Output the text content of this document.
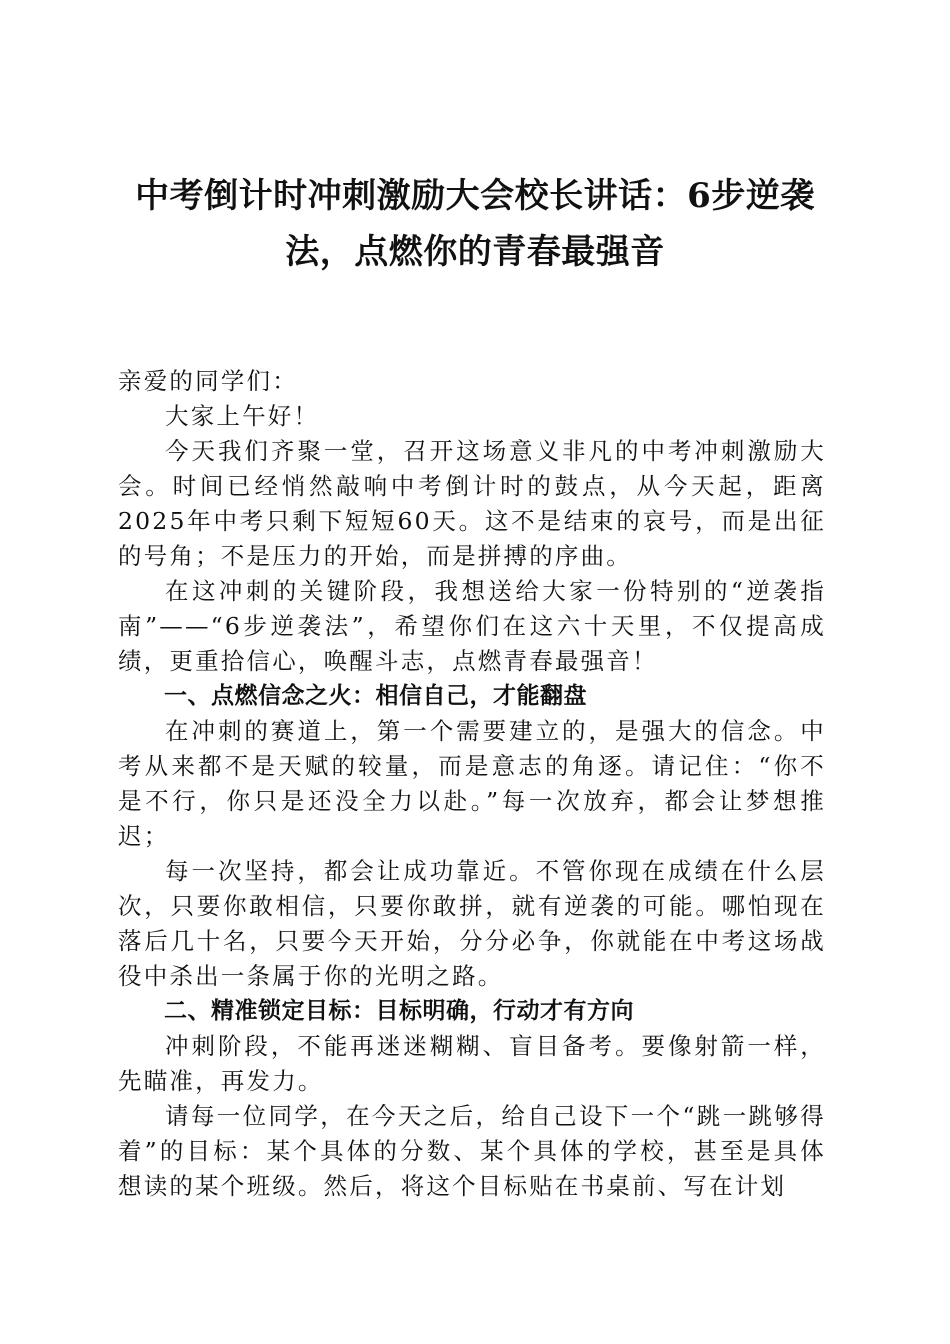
中考倒计时冲刺激励大会校长讲话：6步逆袭法，点燃你的青春最强音

亲爱的同学们：

大家上午好！

今天我们齐聚一堂，召开这场意义非凡的中考冲刺激励大会。时间已经悄然敲响中考倒计时的鼓点，从今天起，距离2025年中考只剩下短短60天。这不是结束的哀号，而是出征的号角；不是压力的开始，而是拼搏的序曲。

在这冲刺的关键阶段，我想送给大家一份特别的“逆袭指南”——“6步逆袭法”，希望你们在这六十天里，不仅提高成绩，更重拾信心，唤醒斗志，点燃青春最强音！

一、点燃信念之火：相信自己，才能翻盘

在冲刺的赛道上，第一个需要建立的，是强大的信念。中考从来都不是天赋的较量，而是意志的角逐。请记住：“你不是不行，你只是还没全力以赴。”每一次放弃，都会让梦想推迟；

每一次坚持，都会让成功靠近。不管你现在成绩在什么层次，只要你敢相信，只要你敢拼，就有逆袭的可能。哪怕现在落后几十名，只要今天开始，分分必争，你就能在中考这场战役中杀出一条属于你的光明之路。

二、精准锁定目标：目标明确，行动才有方向

冲刺阶段，不能再迷迷糊糊、盲目备考。要像射箭一样，先瞄准，再发力。

请每一位同学，在今天之后，给自己设下一个“跳一跳够得着”的目标：某个具体的分数、某个具体的学校，甚至是具体想读的某个班级。然后，将这个目标贴在书桌前、写在计划
